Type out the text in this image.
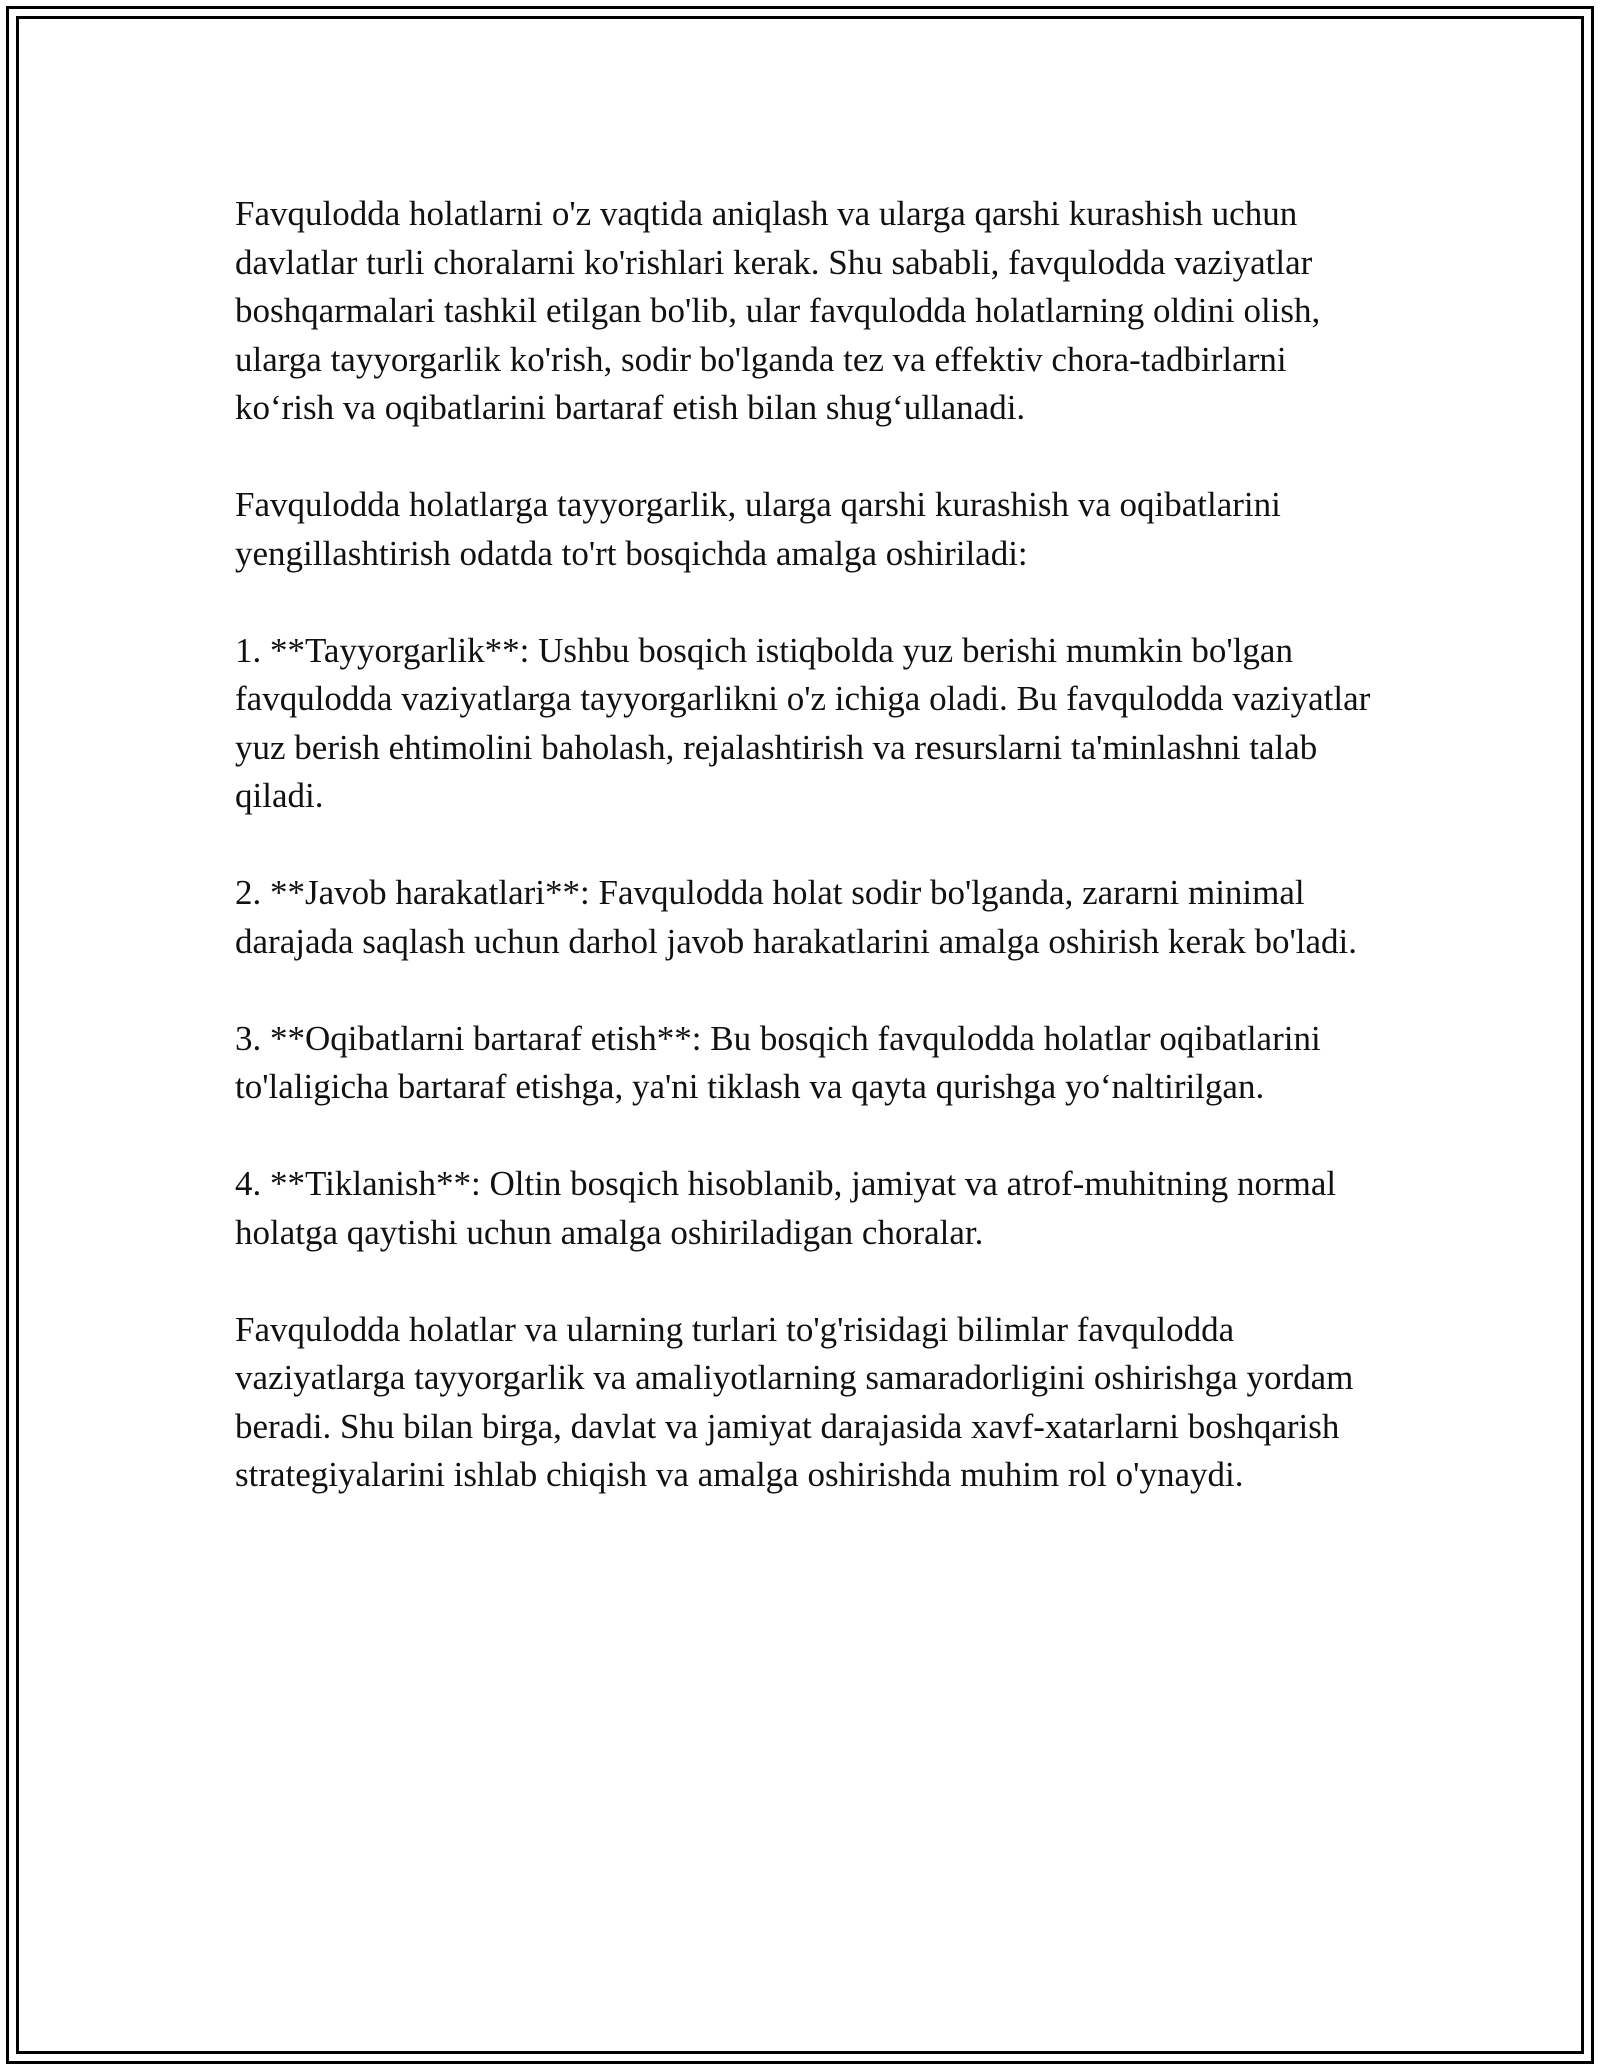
Favqulodda holatlarni o'z vaqtida aniqlash va ularga qarshi kurashish uchun davlatlar turli choralarni ko'rishlari kerak. Shu sababli, favqulodda vaziyatlar boshqarmalari tashkil etilgan bo'lib, ular favqulodda holatlarning oldini olish, ularga tayyorgarlik ko'rish, sodir bo'lganda tez va effektiv chora-tadbirlarni ko‘rish va oqibatlarini bartaraf etish bilan shug‘ullanadi.

Favqulodda holatlarga tayyorgarlik, ularga qarshi kurashish va oqibatlarini yengillashtirish odatda to'rt bosqichda amalga oshiriladi:

1. **Tayyorgarlik**: Ushbu bosqich istiqbolda yuz berishi mumkin bo'lgan favqulodda vaziyatlarga tayyorgarlikni o'z ichiga oladi. Bu favqulodda vaziyatlar yuz berish ehtimolini baholash, rejalashtirish va resurslarni ta'minlashni talab qiladi.

2. **Javob harakatlari**: Favqulodda holat sodir bo'lganda, zararni minimal darajada saqlash uchun darhol javob harakatlarini amalga oshirish kerak bo'ladi.

3. **Oqibatlarni bartaraf etish**: Bu bosqich favqulodda holatlar oqibatlarini to'laligicha bartaraf etishga, ya'ni tiklash va qayta qurishga yo‘naltirilgan.

4. **Tiklanish**: Oltin bosqich hisoblanib, jamiyat va atrof-muhitning normal holatga qaytishi uchun amalga oshiriladigan choralar.

Favqulodda holatlar va ularning turlari to'g'risidagi bilimlar favqulodda vaziyatlarga tayyorgarlik va amaliyotlarning samaradorligini oshirishga yordam beradi. Shu bilan birga, davlat va jamiyat darajasida xavf-xatarlarni boshqarish strategiyalarini ishlab chiqish va amalga oshirishda muhim rol o'ynaydi.
